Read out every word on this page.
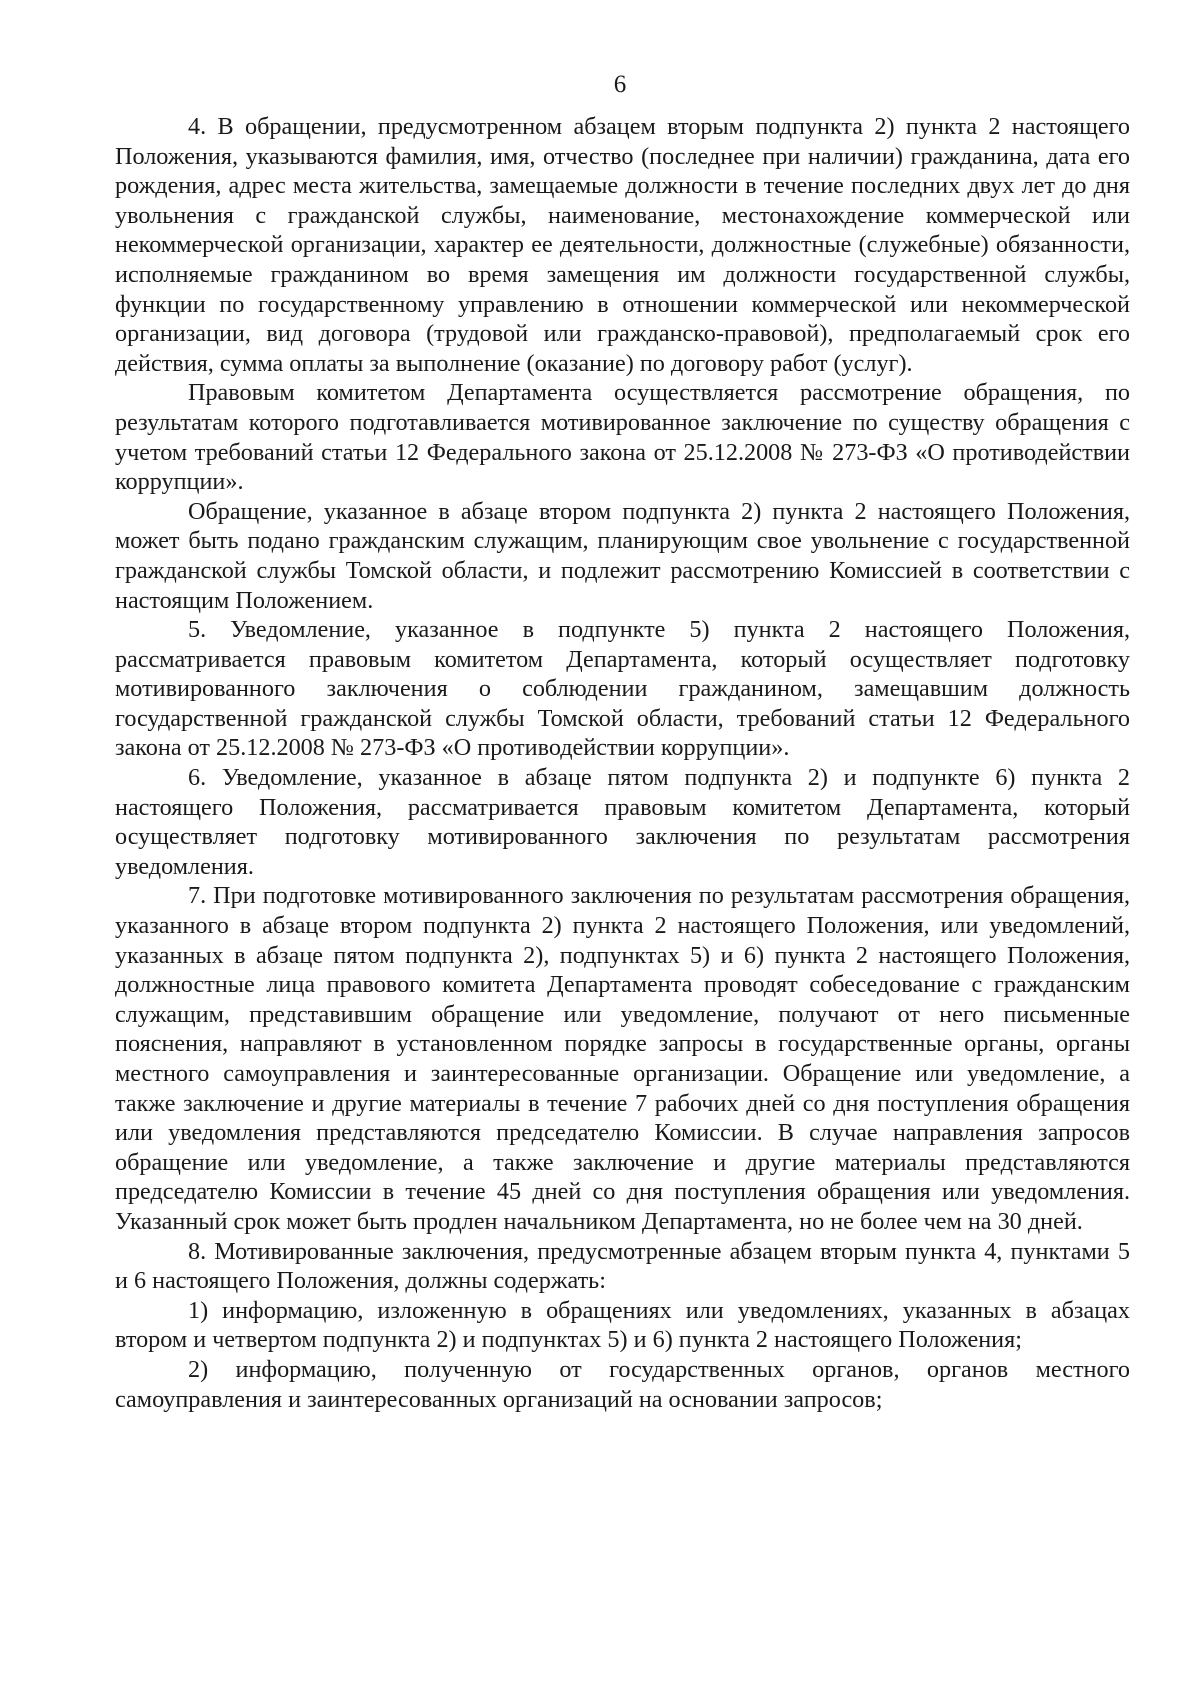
6

4. В обращении, предусмотренном абзацем вторым подпункта 2) пункта 2 настоящего Положения, указываются фамилия, имя, отчество (последнее при наличии) гражданина, дата его рождения, адрес места жительства, замещаемые должности в течение последних двух лет до дня увольнения с гражданской службы, наименование, местонахождение коммерческой или некоммерческой организации, характер ее деятельности, должностные (служебные) обязанности, исполняемые гражданином во время замещения им должности государственной службы, функции по государственному управлению в отношении коммерческой или некоммерческой организации, вид договора (трудовой или гражданско-правовой), предполагаемый срок его действия, сумма оплаты за выполнение (оказание) по договору работ (услуг).

Правовым комитетом Департамента осуществляется рассмотрение обращения, по результатам которого подготавливается мотивированное заключение по существу обращения с учетом требований статьи 12 Федерального закона от 25.12.2008 № 273-ФЗ «О противодействии коррупции».

Обращение, указанное в абзаце втором подпункта 2) пункта 2 настоящего Положения, может быть подано гражданским служащим, планирующим свое увольнение с государственной гражданской службы Томской области, и подлежит рассмотрению Комиссией в соответствии с настоящим Положением.

5. Уведомление, указанное в подпункте 5) пункта 2 настоящего Положения, рассматривается правовым комитетом Департамента, который осуществляет подготовку мотивированного заключения о соблюдении гражданином, замещавшим должность государственной гражданской службы Томской области, требований статьи 12 Федерального закона от 25.12.2008 № 273-ФЗ «О противодействии коррупции».

6. Уведомление, указанное в абзаце пятом подпункта 2) и подпункте 6) пункта 2 настоящего Положения, рассматривается правовым комитетом Департамента, который осуществляет подготовку мотивированного заключения по результатам рассмотрения уведомления.

7. При подготовке мотивированного заключения по результатам рассмотрения обращения, указанного в абзаце втором подпункта 2) пункта 2 настоящего Положения, или уведомлений, указанных в абзаце пятом подпункта 2), подпунктах 5) и 6) пункта 2 настоящего Положения, должностные лица правового комитета Департамента проводят собеседование с гражданским служащим, представившим обращение или уведомление, получают от него письменные пояснения, направляют в установленном порядке запросы в государственные органы, органы местного самоуправления и заинтересованные организации. Обращение или уведомление, а также заключение и другие материалы в течение 7 рабочих дней со дня поступления обращения или уведомления представляются председателю Комиссии. В случае направления запросов обращение или уведомление, а также заключение и другие материалы представляются председателю Комиссии в течение 45 дней со дня поступления обращения или уведомления. Указанный срок может быть продлен начальником Департамента, но не более чем на 30 дней.

8. Мотивированные заключения, предусмотренные абзацем вторым пункта 4, пунктами 5 и 6 настоящего Положения, должны содержать:

1) информацию, изложенную в обращениях или уведомлениях, указанных в абзацах втором и четвертом подпункта 2) и подпунктах 5) и 6) пункта 2 настоящего Положения;

2) информацию, полученную от государственных органов, органов местного самоуправления и заинтересованных организаций на основании запросов;
